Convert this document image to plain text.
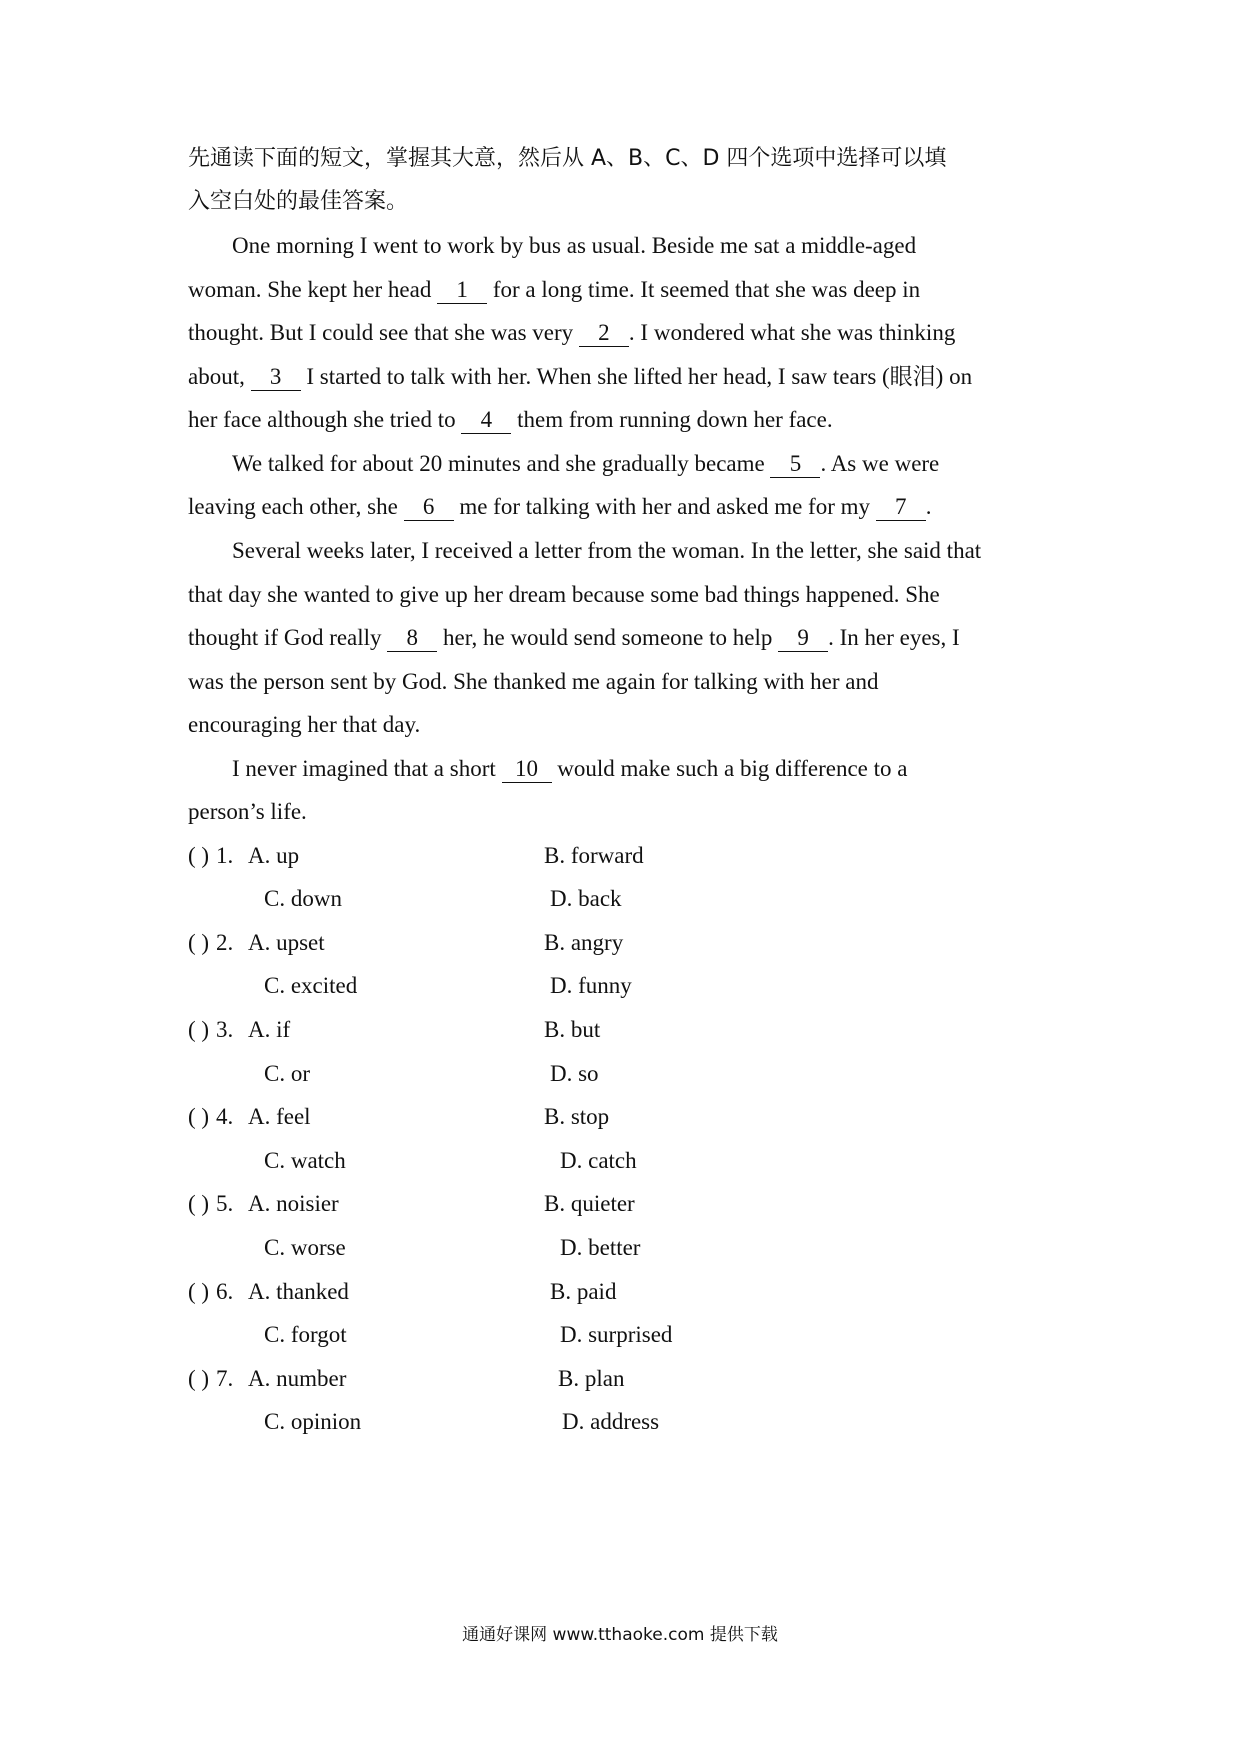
先通读下面的短文，掌握其大意，然后从 A、B、C、D 四个选项中选择可以填
入空白处的最佳答案。
One morning I went to work by bus as usual. Beside me sat a middle-aged
woman. She kept her head 1 for a long time. It seemed that she was deep in
thought. But I could see that she was very 2 . I wondered what she was thinking
about, 3 I started to talk with her. When she lifted her head, I saw tears (眼泪) on
her face although she tried to 4 them from running down her face.
We talked for about 20 minutes and she gradually became 5 . As we were
leaving each other, she 6 me for talking with her and asked me for my 7 .
Several weeks later, I received a letter from the woman. In the letter, she said that
that day she wanted to give up her dream because some bad things happened. She
thought if God really 8 her, he would send someone to help 9 . In her eyes, I
was the person sent by God. She thanked me again for talking with her and
encouraging her that day.
I never imagined that a short 10 would make such a big difference to a
person’s life.
( ) 1. A. up	B. forward
C. down	D. back
( ) 2. A. upset	B. angry
C. excited	D. funny
( ) 3. A. if	B. but
C. or	D. so
( ) 4. A. feel	B. stop
C. watch	D. catch
( ) 5. A. noisier	B. quieter
C. worse	D. better
( ) 6. A. thanked	B. paid
C. forgot	D. surprised
( ) 7. A. number	B. plan
C. opinion	D. address
通通好课网 www.tthaoke.com 提供下载
